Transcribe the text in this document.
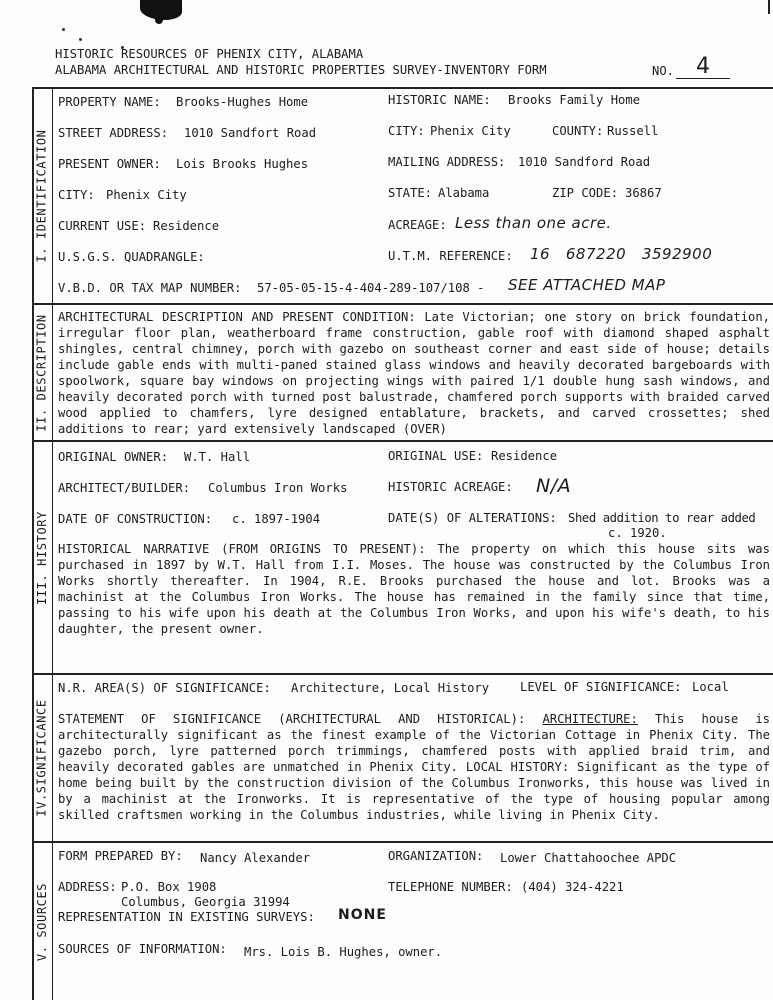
HISTORIC RESOURCES OF PHENIX CITY, ALABAMA
ALABAMA ARCHITECTURAL AND HISTORIC PROPERTIES SURVEY-INVENTORY FORM	NO. 4
I. IDENTIFICATION
II. DESCRIPTION
III. HISTORY
IV.SIGNIFICANCE
V. SOURCES
PROPERTY NAME: Brooks-Hughes Home	HISTORIC NAME: Brooks Family Home
STREET ADDRESS: 1010 Sandfort Road	CITY: Phenix City	COUNTY: Russell
PRESENT OWNER: Lois Brooks Hughes	MAILING ADDRESS: 1010 Sandford Road
CITY: Phenix City	STATE: Alabama	ZIP CODE: 36867
CURRENT USE: Residence	ACREAGE: Less than one acre.
U.S.G.S. QUADRANGLE:	U.T.M. REFERENCE: 16   687220   3592900
V.B.D. OR TAX MAP NUMBER: 57-05-05-15-4-404-289-107/108 - SEE ATTACHED MAP
ARCHITECTURAL DESCRIPTION AND PRESENT CONDITION: Late Victorian; one story on brick foundation, irregular floor plan, weatherboard frame construction, gable roof with diamond shaped asphalt shingles, central chimney, porch with gazebo on southeast corner and east side of house; details include gable ends with multi-paned stained glass windows and heavily decorated bargeboards with spoolwork, square bay windows on projecting wings with paired 1/1 double hung sash windows, and heavily decorated porch with turned post balustrade, chamfered porch supports with braided carved wood applied to chamfers, lyre designed entablature, brackets, and carved crossettes; shed additions to rear; yard extensively landscaped (OVER)
ORIGINAL OWNER: W.T. Hall	ORIGINAL USE: Residence
ARCHITECT/BUILDER: Columbus Iron Works	HISTORIC ACREAGE: N/A
DATE OF CONSTRUCTION: c. 1897-1904	DATE(S) OF ALTERATIONS: Shed addition to rear added
c. 1920.
HISTORICAL NARRATIVE (FROM ORIGINS TO PRESENT): The property on which this house sits was purchased in 1897 by W.T. Hall from I.I. Moses. The house was constructed by the Columbus Iron Works shortly thereafter. In 1904, R.E. Brooks purchased the house and lot. Brooks was a machinist at the Columbus Iron Works. The house has remained in the family since that time, passing to his wife upon his death at the Columbus Iron Works, and upon his wife's death, to his daughter, the present owner.
N.R. AREA(S) OF SIGNIFICANCE: Architecture, Local History	LEVEL OF SIGNIFICANCE: Local
STATEMENT OF SIGNIFICANCE (ARCHITECTURAL AND HISTORICAL): ARCHITECTURE: This house is architecturally significant as the finest example of the Victorian Cottage in Phenix City. The gazebo porch, lyre patterned porch trimmings, chamfered posts with applied braid trim, and heavily decorated gables are unmatched in Phenix City. LOCAL HISTORY: Significant as the type of home being built by the construction division of the Columbus Ironworks, this house was lived in by a machinist at the Ironworks. It is representative of the type of housing popular among skilled craftsmen working in the Columbus industries, while living in Phenix City.
FORM PREPARED BY: Nancy Alexander	ORGANIZATION: Lower Chattahoochee APDC
ADDRESS: P.O. Box 1908
Columbus, Georgia 31994
TELEPHONE NUMBER: (404) 324-4221
REPRESENTATION IN EXISTING SURVEYS: NONE
SOURCES OF INFORMATION: Mrs. Lois B. Hughes, owner.
